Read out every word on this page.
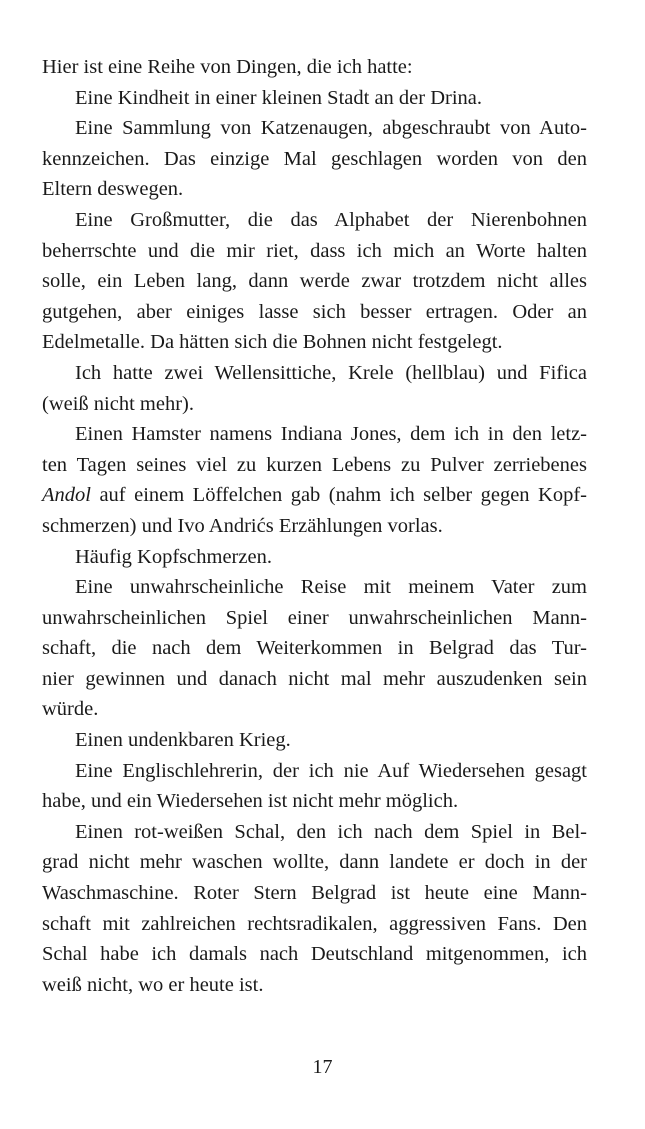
Hier ist eine Reihe von Dingen, die ich hatte:
Eine Kindheit in einer kleinen Stadt an der Drina.
Eine Sammlung von Katzenaugen, abgeschraubt von Auto-
kennzeichen. Das einzige Mal geschlagen worden von den
Eltern deswegen.
Eine Großmutter, die das Alphabet der Nierenbohnen
beherrschte und die mir riet, dass ich mich an Worte halten
solle, ein Leben lang, dann werde zwar trotzdem nicht alles
gutgehen, aber einiges lasse sich besser ertragen. Oder an
Edelmetalle. Da hätten sich die Bohnen nicht festgelegt.
Ich hatte zwei Wellensittiche, Krele (hellblau) und Fifica
(weiß nicht mehr).
Einen Hamster namens Indiana Jones, dem ich in den letz-
ten Tagen seines viel zu kurzen Lebens zu Pulver zerriebenes
Andol auf einem Löffelchen gab (nahm ich selber gegen Kopf-
schmerzen) und Ivo Andrićs Erzählungen vorlas.
Häufig Kopfschmerzen.
Eine unwahrscheinliche Reise mit meinem Vater zum
unwahrscheinlichen Spiel einer unwahrscheinlichen Mann-
schaft, die nach dem Weiterkommen in Belgrad das Tur-
nier gewinnen und danach nicht mal mehr auszudenken sein
würde.
Einen undenkbaren Krieg.
Eine Englischlehrerin, der ich nie Auf Wiedersehen gesagt
habe, und ein Wiedersehen ist nicht mehr möglich.
Einen rot-weißen Schal, den ich nach dem Spiel in Bel-
grad nicht mehr waschen wollte, dann landete er doch in der
Waschmaschine. Roter Stern Belgrad ist heute eine Mann-
schaft mit zahlreichen rechtsradikalen, aggressiven Fans. Den
Schal habe ich damals nach Deutschland mitgenommen, ich
weiß nicht, wo er heute ist.
17
